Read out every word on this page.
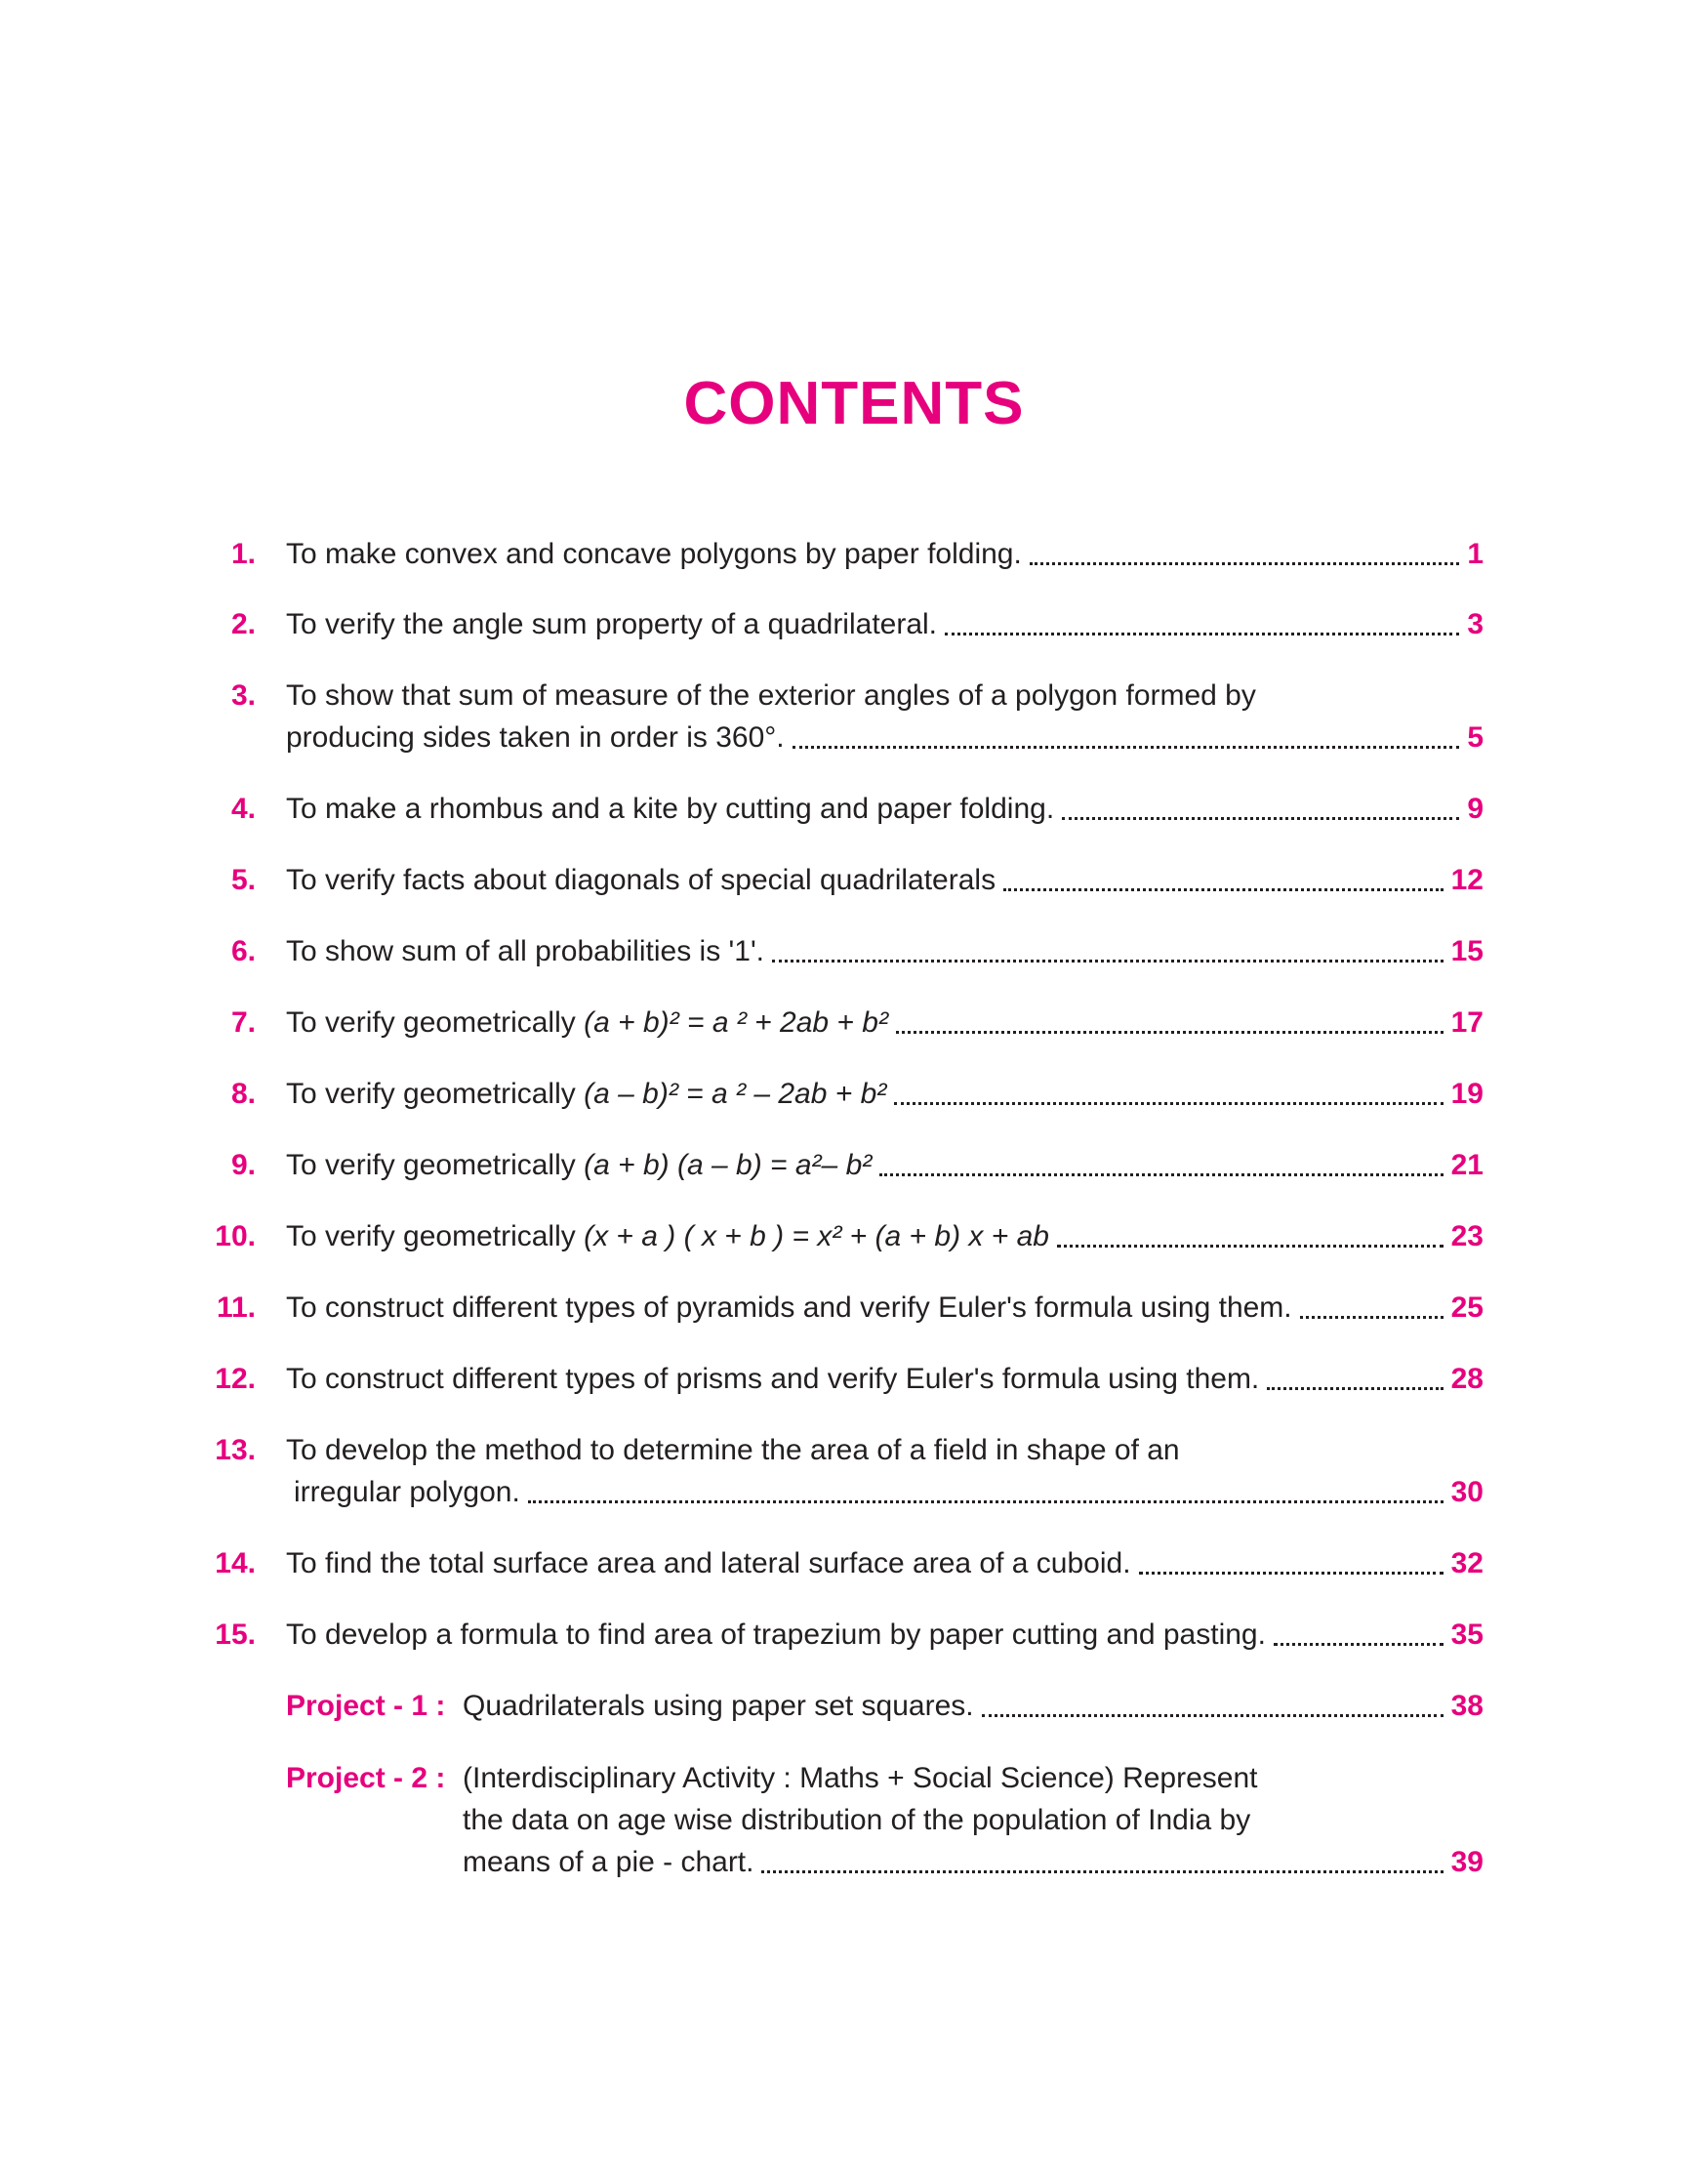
CONTENTS
1. To make convex and concave polygons by paper folding.	1
2. To verify the angle sum property of a quadrilateral.	3
3. To show that sum of measure of the exterior angles of a polygon formed by
producing sides taken in order is 360°.	5
4. To make a rhombus and a kite by cutting and paper folding.	9
5. To verify facts about diagonals of special quadrilaterals	12
6. To show sum of all probabilities is '1'.	15
7. To verify geometrically (a + b)² = a ² + 2ab + b²	17
8. To verify geometrically (a – b)² = a ² – 2ab + b²	19
9. To verify geometrically (a + b) (a – b) = a²– b²	21
10. To verify geometrically (x + a ) ( x + b ) = x² + (a + b) x + ab	23
11. To construct different types of pyramids and verify Euler's formula using them.	25
12. To construct different types of prisms and verify Euler's formula using them.	28
13. To develop the method to determine the area of a field in shape of an
irregular polygon.	30
14. To find the total surface area and lateral surface area of a cuboid.	32
15. To develop a formula to find area of trapezium by paper cutting and pasting.	35
Project - 1 : Quadrilaterals using paper set squares.	38
Project - 2 : (Interdisciplinary Activity : Maths + Social Science) Represent
the data on age wise distribution of the population of India by
means of a pie - chart.	39
